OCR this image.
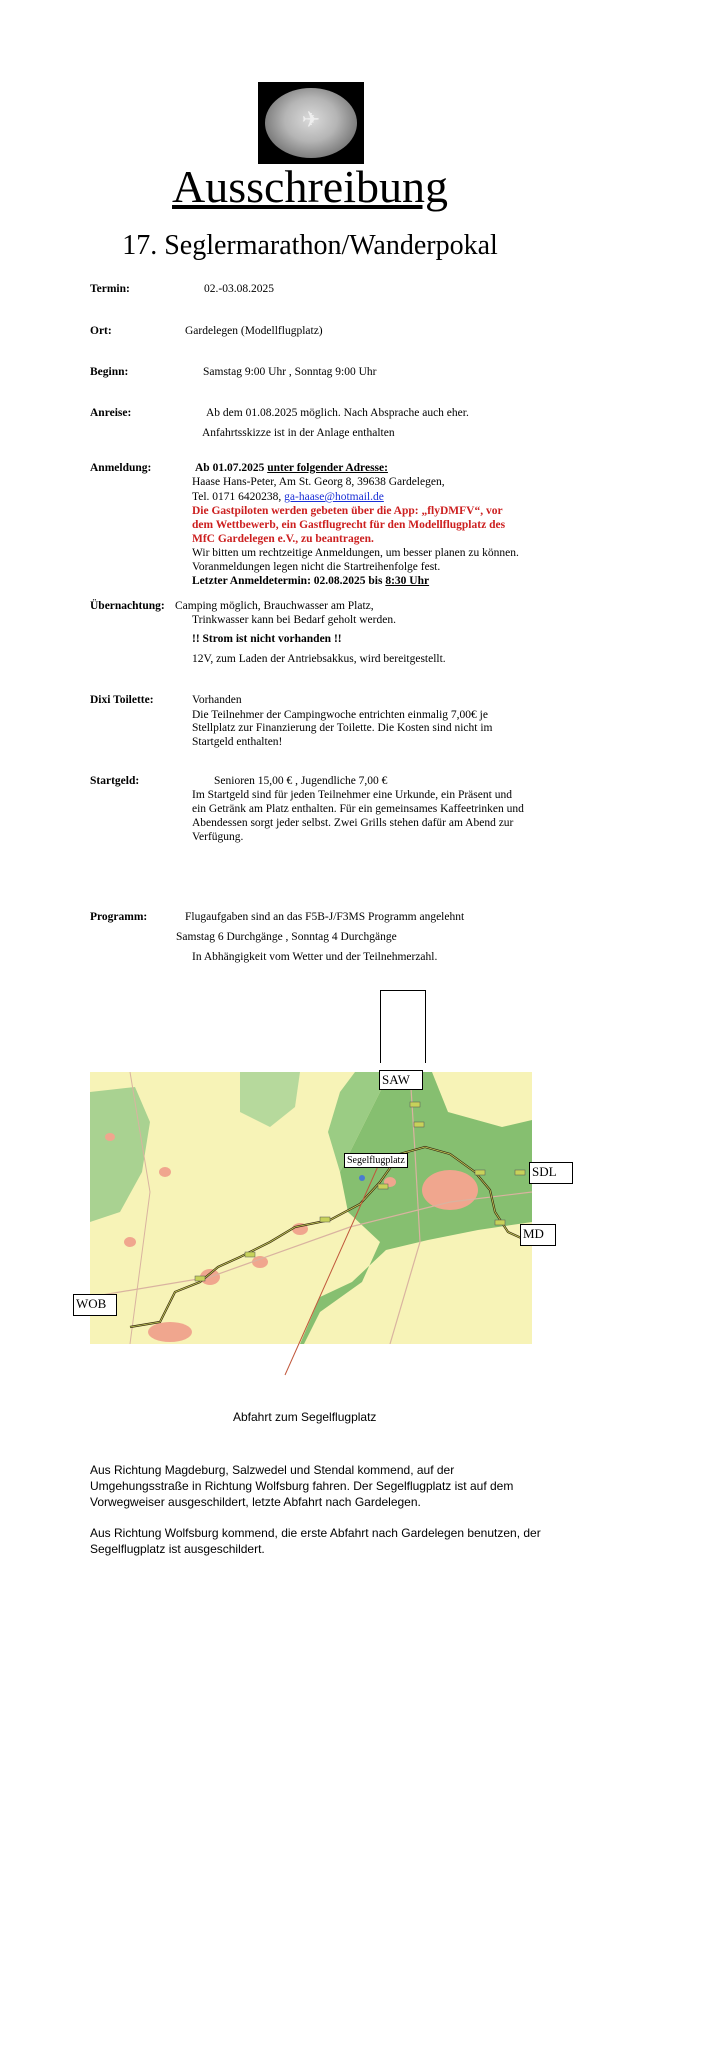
✈
Ausschreibung
17. Seglermarathon/Wanderpokal
Termin:	02.-03.08.2025
Ort:	Gardelegen (Modellflugplatz)
Beginn:	Samstag 9:00 Uhr , Sonntag 9:00 Uhr
Anreise:	Ab dem 01.08.2025 möglich. Nach Absprache auch eher.
Anfahrtsskizze ist in der Anlage enthalten
Anmeldung:	Ab 01.07.2025 unter folgender Adresse:
Haase Hans-Peter, Am St. Georg 8, 39638 Gardelegen,
Tel. 0171 6420238, ga-haase@hotmail.de
Die Gastpiloten werden gebeten über die App: „flyDMFV“, vor
dem Wettbewerb, ein Gastflugrecht für den Modellflugplatz des
MfC Gardelegen e.V., zu beantragen.
Wir bitten um rechtzeitige Anmeldungen, um besser planen zu können.
Voranmeldungen legen nicht die Startreihenfolge fest.
Letzter Anmeldetermin: 02.08.2025 bis 8:30 Uhr
Übernachtung: Camping möglich, Brauchwasser am Platz,
Trinkwasser kann bei Bedarf geholt werden.
!! Strom ist nicht vorhanden !!
12V, zum Laden der Antriebsakkus, wird bereitgestellt.
Dixi Toilette:	Vorhanden
Die Teilnehmer der Campingwoche entrichten einmalig 7,00€ je
Stellplatz zur Finanzierung der Toilette. Die Kosten sind nicht im
Startgeld enthalten!
Startgeld:	Senioren 15,00 € , Jugendliche 7,00 €
Im Startgeld sind für jeden Teilnehmer eine Urkunde, ein Präsent und
ein Getränk am Platz enthalten. Für ein gemeinsames Kaffeetrinken und
Abendessen sorgt jeder selbst. Zwei Grills stehen dafür am Abend zur
Verfügung.
Programm:	Flugaufgaben sind an das F5B-J/F3MS Programm angelehnt
Samstag 6 Durchgänge , Sonntag 4 Durchgänge
In Abhängigkeit vom Wetter und der Teilnehmerzahl.
SAW
Segelflugplatz
SDL
MD
WOB
Abfahrt zum Segelflugplatz

Aus Richtung Magdeburg, Salzwedel und Stendal kommend, auf der

Umgehungsstraße in Richtung Wolfsburg fahren. Der Segelflugplatz ist auf dem

Vorwegweiser ausgeschildert, letzte Abfahrt nach Gardelegen.

Aus Richtung Wolfsburg kommend, die erste Abfahrt nach Gardelegen benutzen, der

Segelflugplatz ist ausgeschildert.
